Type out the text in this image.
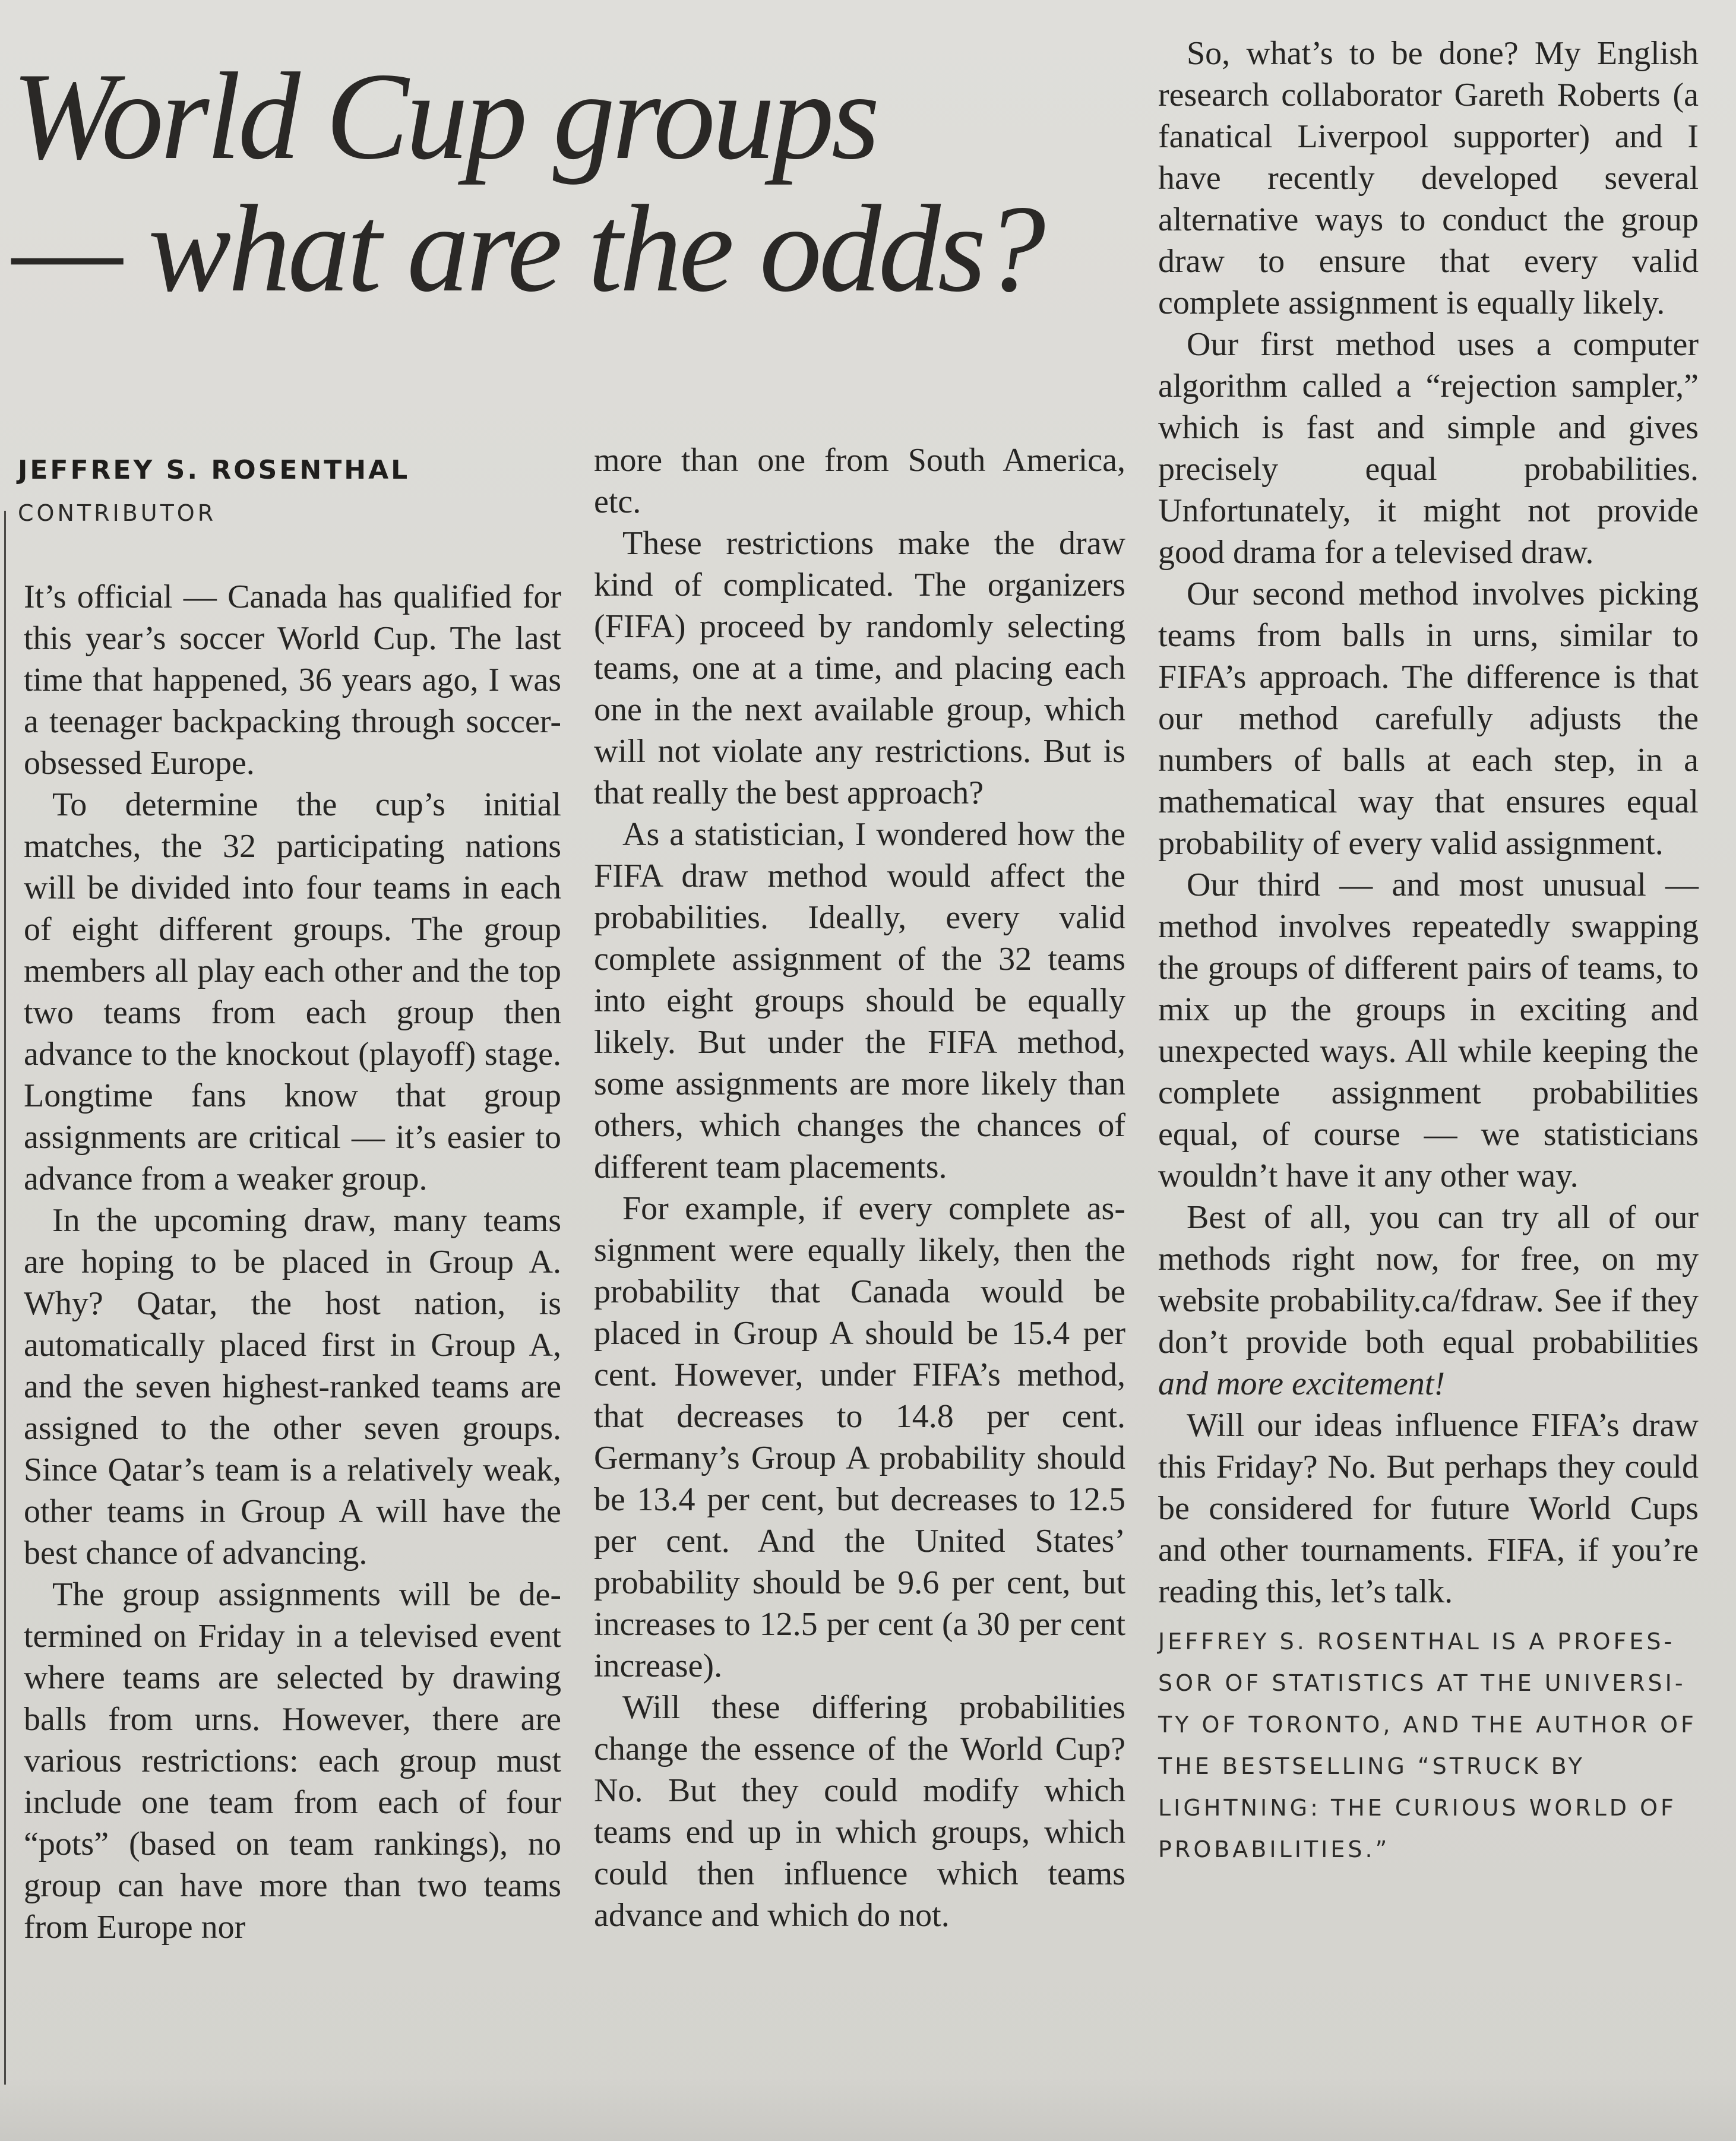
World Cup groups
— what are the odds?
JEFFREY S. ROSENTHAL
CONTRIBUTOR

It’s official — Canada has qualified for this year’s soccer World Cup. The last time that happened, 36 years ago, I was a teenager backpacking through soccer-obsessed Europe.

To determine the cup’s initial matches, the 32 participating nations will be divided into four teams in each of eight different groups. The group members all play each other and the top two teams from each group then advance to the knockout (playoff) stage. Longtime fans know that group assignments are critical — it’s easier to advance from a weaker group.

In the upcoming draw, many teams are hoping to be placed in Group A. Why? Qatar, the host nation, is automatically placed first in Group A, and the seven highest-ranked teams are assigned to the other seven groups. Since Qatar’s team is a relatively weak, other teams in Group A will have the best chance of advancing.

The group assignments will be determined on Friday in a televised event where teams are selected by drawing balls from urns. However, there are various restrictions: each group must include one team from each of four “pots” (based on team rankings), no group can have more than two teams from Europe nor

more than one from South America, etc.

These restrictions make the draw kind of complicated. The organizers (FIFA) proceed by randomly selecting teams, one at a time, and placing each one in the next available group, which will not violate any restrictions. But is that really the best approach?

As a statistician, I wondered how the FIFA draw method would affect the probabilities. Ideally, every valid complete assignment of the 32 teams into eight groups should be equally likely. But under the FIFA method, some assignments are more likely than others, which changes the chances of different team placements.

For example, if every complete assignment were equally likely, then the probability that Canada would be placed in Group A should be 15.4 per cent. However, under FIFA’s method, that decreases to 14.8 per cent. Germany’s Group A probability should be 13.4 per cent, but decreases to 12.5 per cent. And the United States’ probability should be 9.6 per cent, but increases to 12.5 per cent (a 30 per cent increase).

Will these differing probabilities change the essence of the World Cup? No. But they could modify which teams end up in which groups, which could then influence which teams advance and which do not.

So, what’s to be done? My English research collaborator Gareth Roberts (a fanatical Liverpool supporter) and I have recently developed several alternative ways to conduct the group draw to ensure that every valid complete assignment is equally likely.

Our first method uses a computer algorithm called a “rejection sampler,” which is fast and simple and gives precisely equal probabilities. Unfortunately, it might not provide good drama for a televised draw.

Our second method involves picking teams from balls in urns, similar to FIFA’s approach. The difference is that our method carefully adjusts the numbers of balls at each step, in a mathematical way that ensures equal probability of every valid assignment.

Our third — and most unusual — method involves repeatedly swapping the groups of different pairs of teams, to mix up the groups in exciting and unexpected ways. All while keeping the complete assignment probabilities equal, of course — we statisticians wouldn’t have it any other way.

Best of all, you can try all of our methods right now, for free, on my website probability.ca/fdraw. See if they don’t provide both equal probabilities and more excitement!

Will our ideas influence FIFA’s draw this Friday? No. But perhaps they could be considered for future World Cups and other tournaments. FIFA, if you’re reading this, let’s talk.

JEFFREY S. ROSENTHAL IS A PROFESSOR OF STATISTICS AT THE UNIVERSITY OF TORONTO, AND THE AUTHOR OF THE BESTSELLING “STRUCK BY LIGHTNING: THE CURIOUS WORLD OF PROBABILITIES.”
